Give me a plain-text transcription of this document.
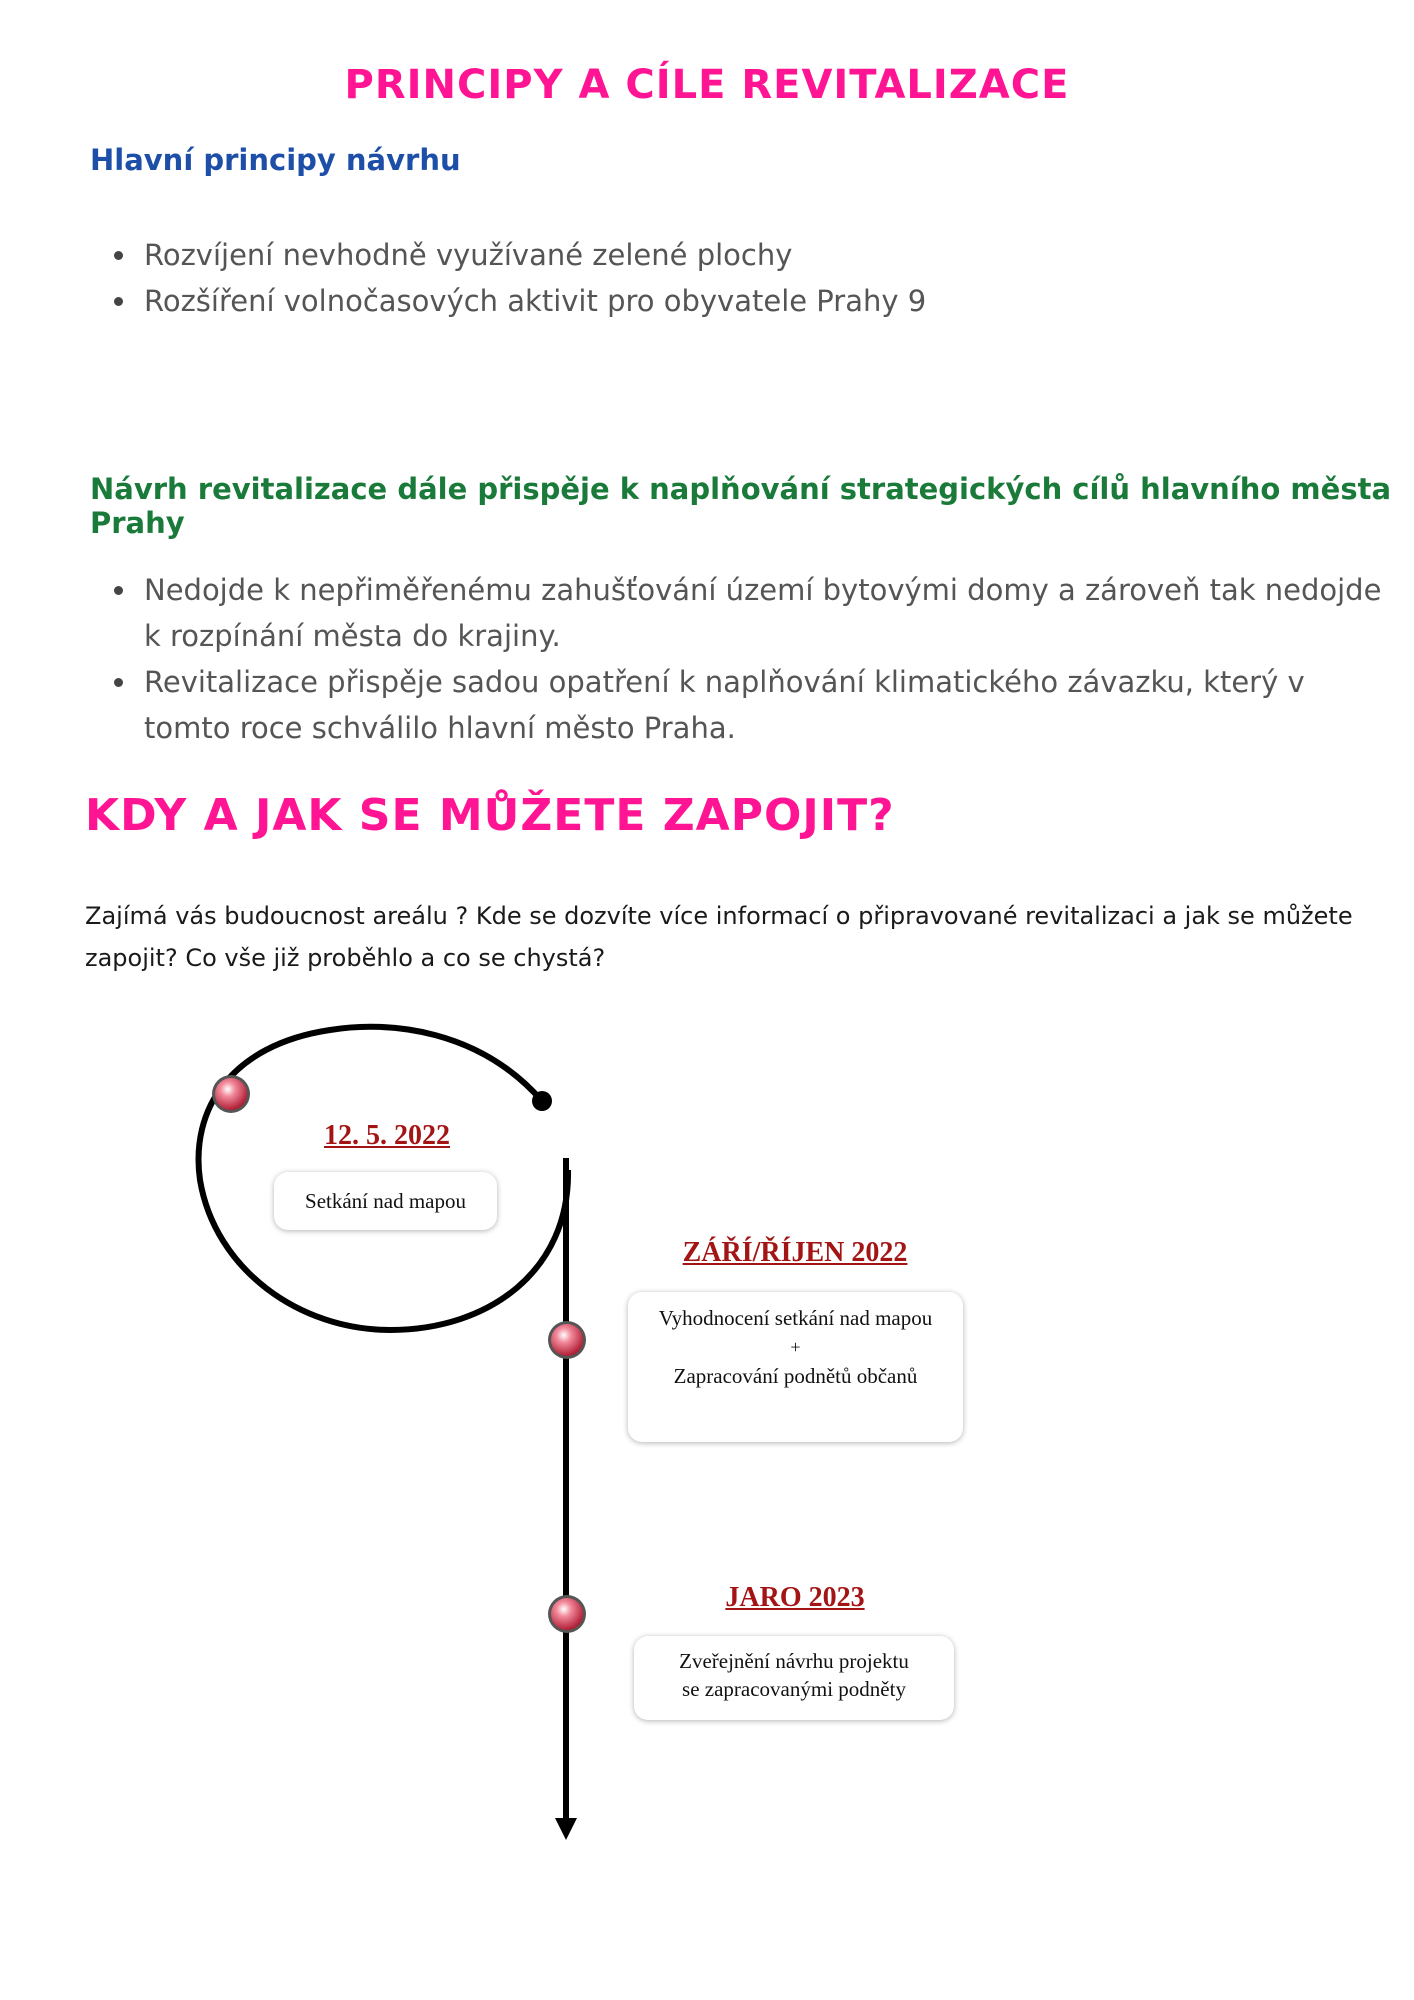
PRINCIPY A CÍLE REVITALIZACE
Hlavní principy návrhu
Rozvíjení nevhodně využívané zelené plochy
Rozšíření volnočasových aktivit pro obyvatele Prahy 9
Návrh revitalizace dále přispěje k naplňování strategických cílů hlavního města Prahy
Nedojde k nepřiměřenému zahušťování území bytovými domy a zároveň tak nedojde k rozpínání města do krajiny.
Revitalizace přispěje sadou opatření k naplňování klimatického závazku, který v tomto roce schválilo hlavní město Praha.
KDY A JAK SE MŮŽETE ZAPOJIT?
Zajímá vás budoucnost areálu ? Kde se dozvíte více informací o připravované revitalizaci a jak se můžete zapojit? Co vše již proběhlo a co se chystá?
12. 5. 2022
Setkání nad mapou
ZÁŘÍ/ŘÍJEN 2022
Vyhodnocení setkání nad mapou
+
Zapracování podnětů občanů
JARO 2023
Zveřejnění návrhu projektu se zapracovanými podněty
